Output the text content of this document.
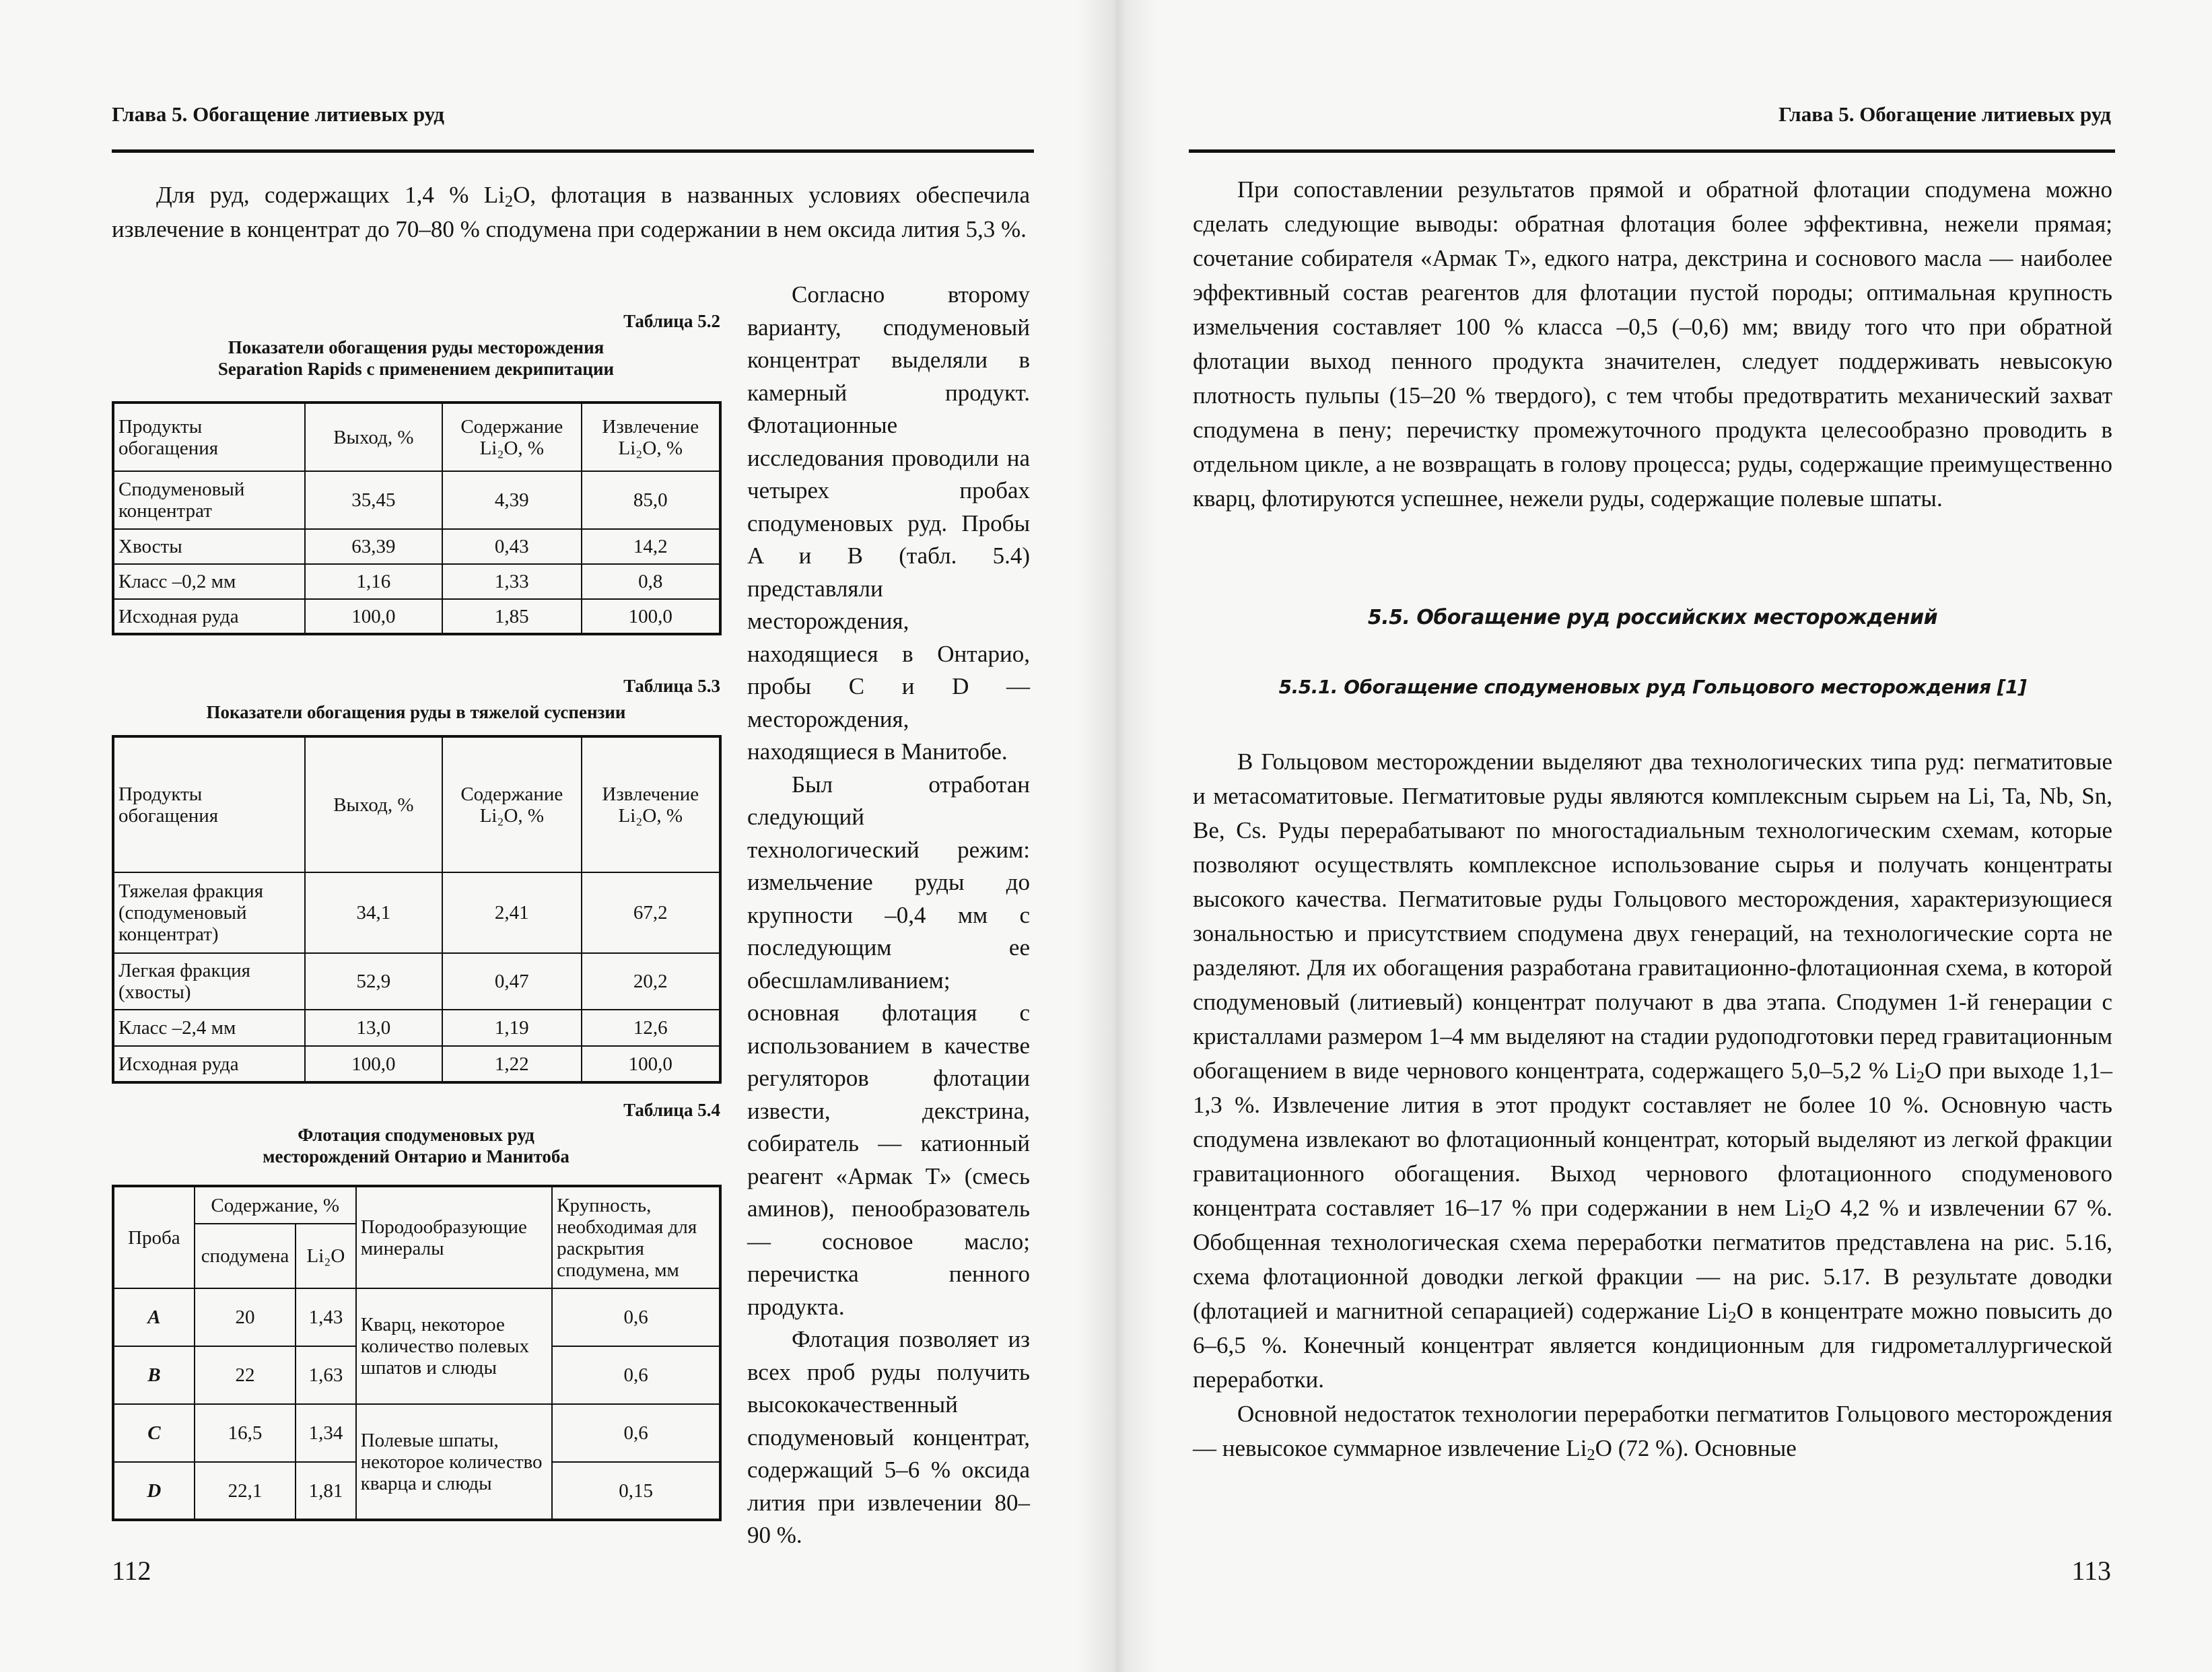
Глава 5. Обогащение литиевых руд
Для руд, содержащих 1,4 % $Li_2O$, флотация в названных условиях обеспечила извлечение в концентрат до 70–80 % сподумена при содержании в нем оксида лития 5,3 %.
Таблица 5.2
Показатели обогащения руды месторождения
Separation Rapids с применением декрипитации
Продукты обогащения	Выход, %	Содержание Li₂O, %	Извлечение Li₂O, %
Сподуменовый концентрат	35,45	4,39	85,0
Хвосты	63,39	0,43	14,2
Класс –0,2 мм	1,16	1,33	0,8
Исходная руда	100,0	1,85	100,0
Таблица 5.3
Показатели обогащения руды в тяжелой суспензии
Продукты обогащения	Выход, %	Содержание Li₂O, %	Извлечение Li₂O, %
Тяжелая фракция (сподуменовый концентрат)	34,1	2,41	67,2
Легкая фракция (хвосты)	52,9	0,47	20,2
Класс –2,4 мм	13,0	1,19	12,6
Исходная руда	100,0	1,22	100,0
Таблица 5.4
Флотация сподуменовых руд
месторождений Онтарио и Манитоба
Проба	Содержание, %		Породообразующие минералы	Крупность, необходимая для раскрытия сподумена, мм
	сподумена	Li₂O		
A	20	1,43	Кварц, некоторое количество полевых шпатов и слюды	0,6
B	22	1,63		0,6
C	16,5	1,34	Полевые шпаты, некоторое количество кварца и слюды	0,6
D	22,1	1,81		0,15

Согласно второму варианту, сподуменовый концентрат выделяли в камерный продукт. Флотационные исследования проводили на четырех пробах сподуменовых руд. Пробы A и B (табл. 5.4) представляли месторождения, находящиеся в Онтарио, пробы C и D — месторождения, находящиеся в Манитобе.

Был отработан следующий технологический режим: измельчение руды до крупности –0,4 мм с последующим ее обесшламливанием; основная флотация с использованием в качестве регуляторов флотации извести, декстрина, собиратель — катионный реагент «Армак T» (смесь аминов), пенообразователь — сосновое масло; перечистка пенного продукта.

Флотация позволяет из всех проб руды получить высококачественный сподуменовый концентрат, содержащий 5–6 % оксида лития при извлечении 80–90 %.

112
Глава 5. Обогащение литиевых руд
При сопоставлении результатов прямой и обратной флотации сподумена можно сделать следующие выводы: обратная флотация более эффективна, нежели прямая; сочетание собирателя «Армак T», едкого натра, декстрина и соснового масла — наиболее эффективный состав реагентов для флотации пустой породы; оптимальная крупность измельчения составляет 100 % класса –0,5 (–0,6) мм; ввиду того что при обратной флотации выход пенного продукта значителен, следует поддерживать невысокую плотность пульпы (15–20 % твердого), с тем чтобы предотвратить механический захват сподумена в пену; перечистку промежуточного продукта целесообразно проводить в отдельном цикле, а не возвращать в голову процесса; руды, содержащие преимущественно кварц, флотируются успешнее, нежели руды, содержащие полевые шпаты.
5.5. Обогащение руд российских месторождений
5.5.1. Обогащение сподуменовых руд Гольцового месторождения [1]

В Гольцовом месторождении выделяют два технологических типа руд: пегматитовые и метасоматитовые. Пегматитовые руды являются комплексным сырьем на Li, Ta, Nb, Sn, Be, Cs. Руды перерабатывают по многостадиальным технологическим схемам, которые позволяют осуществлять комплексное использование сырья и получать концентраты высокого качества. Пегматитовые руды Гольцового месторождения, характеризующиеся зональностью и присутствием сподумена двух генераций, на технологические сорта не разделяют. Для их обогащения разработана гравитационно-флотационная схема, в которой сподуменовый (литиевый) концентрат получают в два этапа. Сподумен 1-й генерации с кристаллами размером 1–4 мм выделяют на стадии рудоподготовки перед гравитационным обогащением в виде чернового концентрата, содержащего 5,0–5,2 % $Li_2O$ при выходе 1,1–1,3 %. Извлечение лития в этот продукт составляет не более 10 %. Основную часть сподумена извлекают во флотационный концентрат, который выделяют из легкой фракции гравитационного обогащения. Выход чернового флотационного сподуменового концентрата составляет 16–17 % при содержании в нем $Li_2O$ 4,2 % и извлечении 67 %. Обобщенная технологическая схема переработки пегматитов представлена на рис. 5.16, схема флотационной доводки легкой фракции — на рис. 5.17. В результате доводки (флотацией и магнитной сепарацией) содержание $Li_2O$ в концентрате можно повысить до 6–6,5 %. Конечный концентрат является кондиционным для гидрометаллургической переработки.

Основной недостаток технологии переработки пегматитов Гольцового месторождения — невысокое суммарное извлечение $Li_2O$ (72 %). Основные

113
